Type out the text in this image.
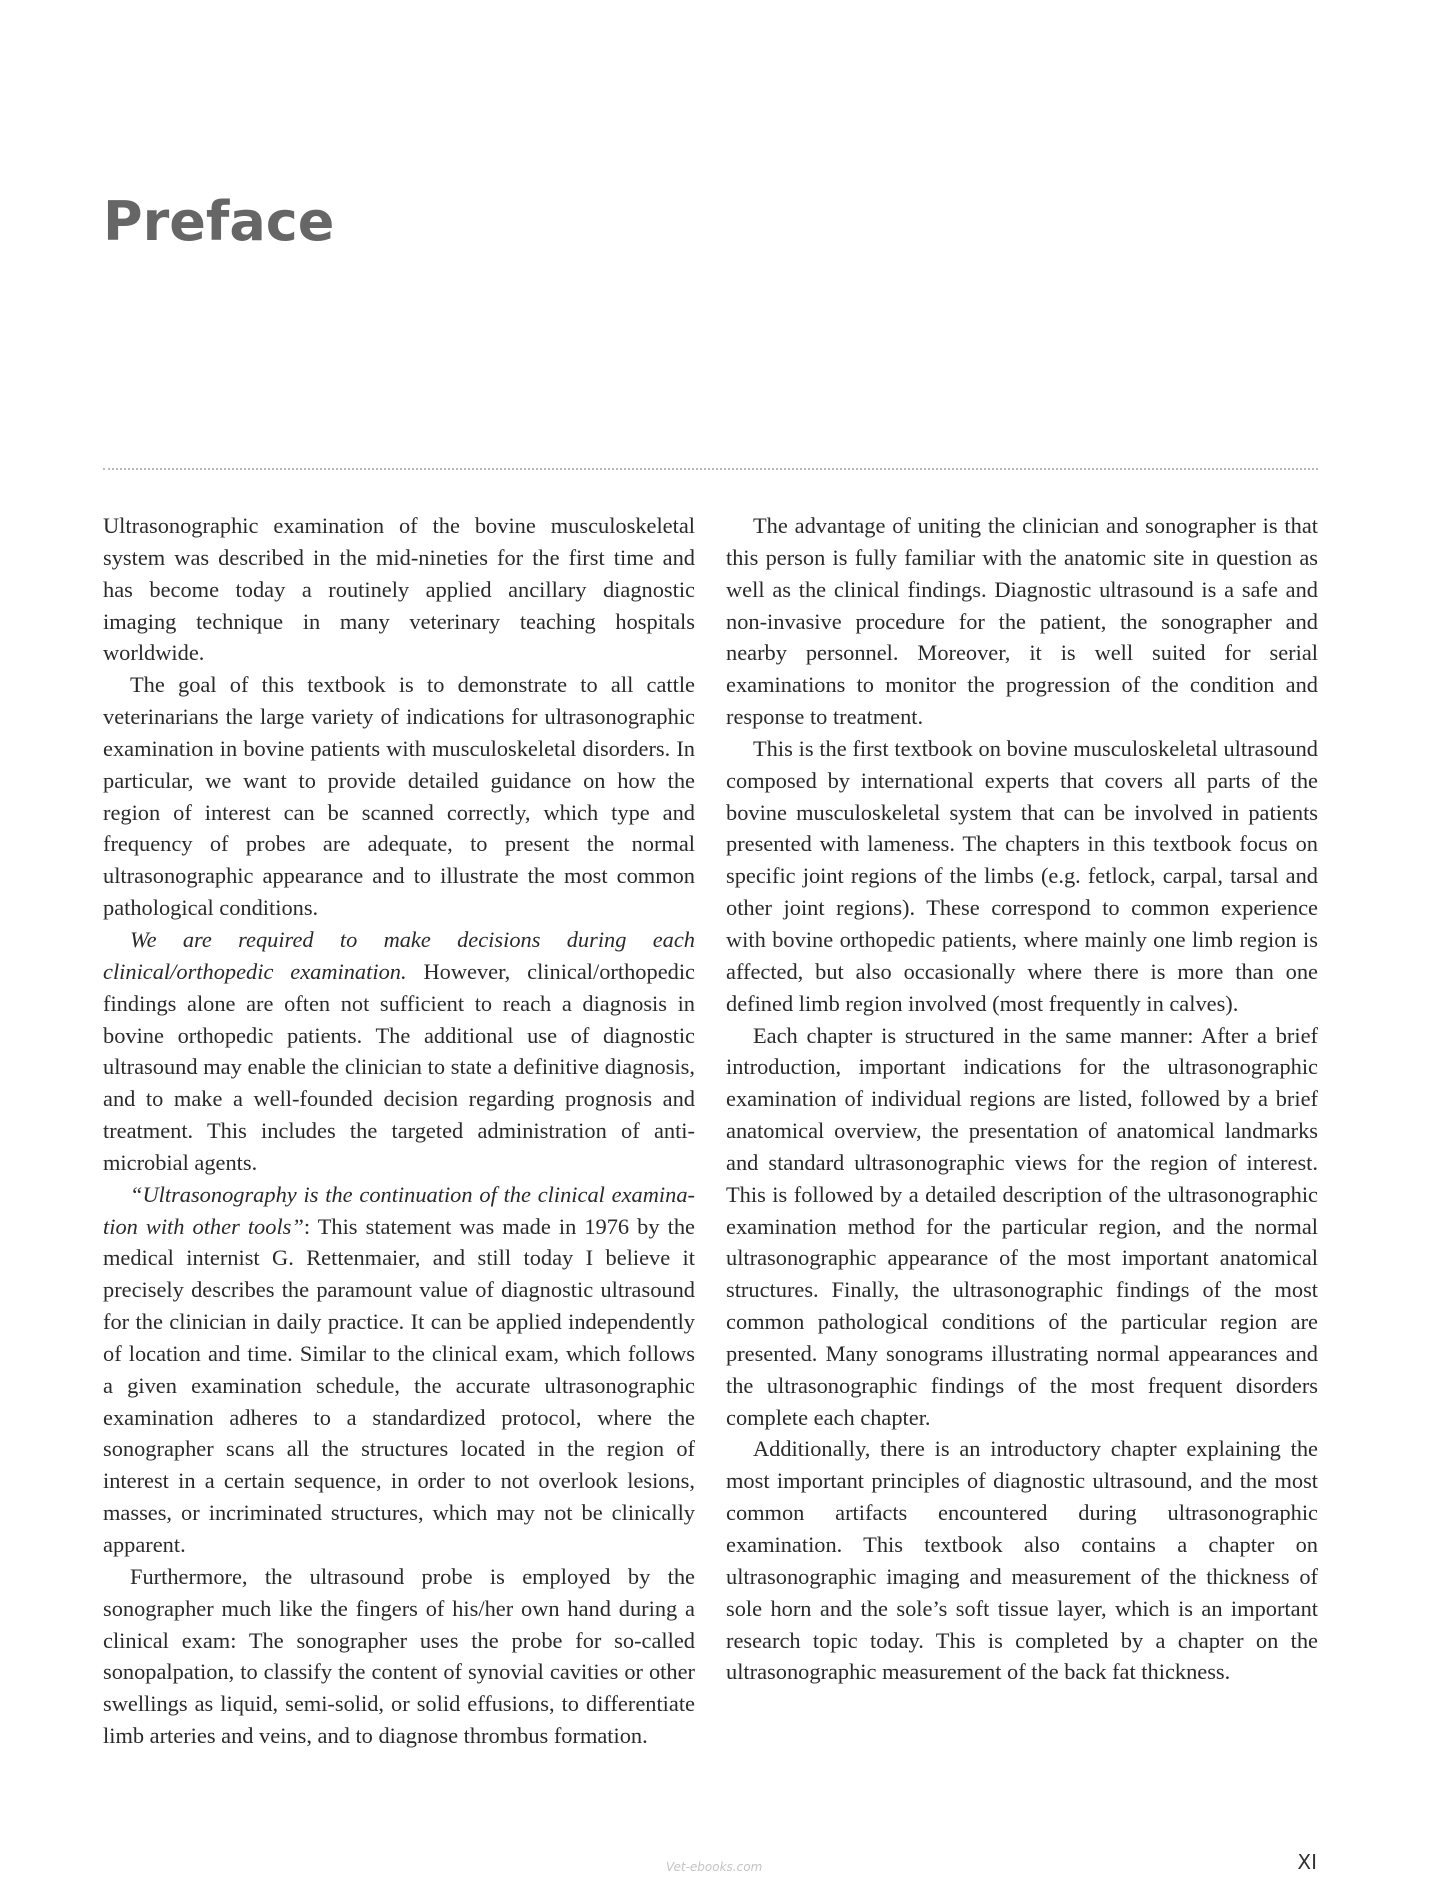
Preface

Ultrasonographic examination of the bovine musculoskeletal system was described in the mid-nineties for the first time and has become today a routinely applied ancillary diagnostic imaging technique in many veterinary teaching hospitals worldwide.

The goal of this textbook is to demonstrate to all cattle veterinarians the large variety of indications for ultrasonographic examination in bovine patients with musculoskeletal disorders. In particular, we want to provide detailed guidance on how the region of interest can be scanned correctly, which type and frequency of probes are adequate, to present the normal ultrasonographic appearance and to illustrate the most common pathological conditions.

We are required to make decisions during each clinical/orthopedic examination. However, clinical/orthopedic findings alone are often not sufficient to reach a diagnosis in bovine orthopedic patients. The additional use of diagnostic ultrasound may enable the clinician to state a definitive diagnosis, and to make a well-founded decision regarding prognosis and treatment. This includes the targeted administration of antimicrobial agents.

“Ultrasonography is the continuation of the clinical examination with other tools”: This statement was made in 1976 by the medical internist G. Rettenmaier, and still today I believe it precisely describes the paramount value of diagnostic ultrasound for the clinician in daily practice. It can be applied independently of location and time. Similar to the clinical exam, which follows a given examination schedule, the accurate ultrasonographic examination adheres to a standardized protocol, where the sonographer scans all the structures located in the region of interest in a certain sequence, in order to not overlook lesions, masses, or incriminated structures, which may not be clinically apparent.

Furthermore, the ultrasound probe is employed by the sonographer much like the fingers of his/her own hand during a clinical exam: The sonographer uses the probe for so-called sonopalpation, to classify the content of synovial cavities or other swellings as liquid, semi-solid, or solid effusions, to differentiate limb arteries and veins, and to diagnose thrombus formation.

The advantage of uniting the clinician and sonographer is that this person is fully familiar with the anatomic site in question as well as the clinical findings. Diagnostic ultrasound is a safe and non-invasive procedure for the patient, the sonographer and nearby personnel. Moreover, it is well suited for serial examinations to monitor the progression of the condition and response to treatment.

This is the first textbook on bovine musculoskeletal ultrasound composed by international experts that covers all parts of the bovine musculoskeletal system that can be involved in patients presented with lameness. The chapters in this textbook focus on specific joint regions of the limbs (e.g. fetlock, carpal, tarsal and other joint regions). These correspond to common experience with bovine orthopedic patients, where mainly one limb region is affected, but also occasionally where there is more than one defined limb region involved (most frequently in calves).

Each chapter is structured in the same manner: After a brief introduction, important indications for the ultrasonographic examination of individual regions are listed, followed by a brief anatomical overview, the presentation of anatomical landmarks and standard ultrasonographic views for the region of interest. This is followed by a detailed description of the ultrasonographic examination method for the particular region, and the normal ultrasonographic appearance of the most important anatomical structures. Finally, the ultrasonographic findings of the most common pathological conditions of the particular region are presented. Many sonograms illustrating normal appearances and the ultrasonographic findings of the most frequent disorders complete each chapter.

Additionally, there is an introductory chapter explaining the most important principles of diagnostic ultrasound, and the most common artifacts encountered during ultrasonographic examination. This textbook also contains a chapter on ultrasonographic imaging and measurement of the thickness of sole horn and the sole’s soft tissue layer, which is an important research topic today. This is completed by a chapter on the ultrasonographic measurement of the back fat thickness.

Vet-ebooks.com	XI
